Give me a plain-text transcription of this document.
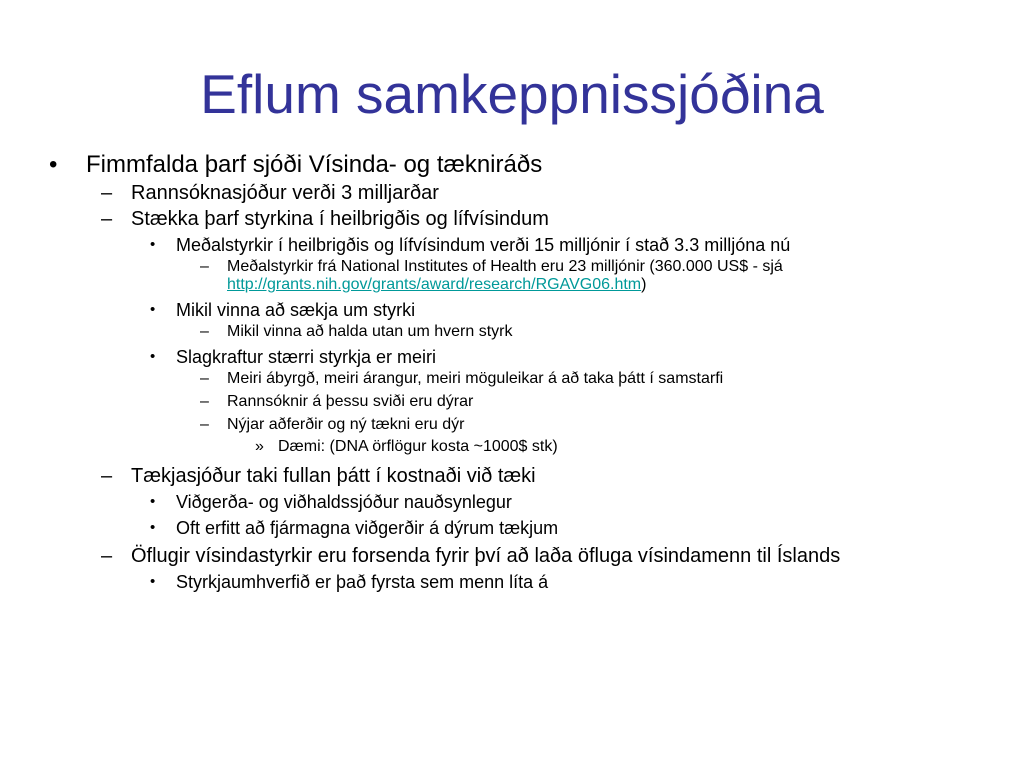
Eflum samkeppnissjóðina
• Fimmfalda þarf sjóði Vísinda- og tækniráðs
– Rannsóknasjóður verði 3 milljarðar
– Stækka þarf styrkina í heilbrigðis og lífvísindum
• Meðalstyrkir í heilbrigðis og lífvísindum verði 15 milljónir í stað 3.3 milljóna nú
– Meðalstyrkir frá National Institutes of Health eru 23 milljónir (360.000 US$ - sjá http://grants.nih.gov/grants/award/research/RGAVG06.htm)
• Mikil vinna að sækja um styrki
– Mikil vinna að halda utan um hvern styrk
• Slagkraftur stærri styrkja er meiri
– Meiri ábyrgð, meiri árangur, meiri möguleikar á að taka þátt í samstarfi
– Rannsóknir á þessu sviði eru dýrar
– Nýjar aðferðir og ný tækni eru dýr
» Dæmi: (DNA örflögur kosta ~1000$ stk)
– Tækjasjóður taki fullan þátt í kostnaði við tæki
• Viðgerða- og viðhaldssjóður nauðsynlegur
• Oft erfitt að fjármagna viðgerðir á dýrum tækjum
– Öflugir vísindastyrkir eru forsenda fyrir því að laða öfluga vísindamenn til Íslands
• Styrkjaumhverfið er það fyrsta sem menn líta á
